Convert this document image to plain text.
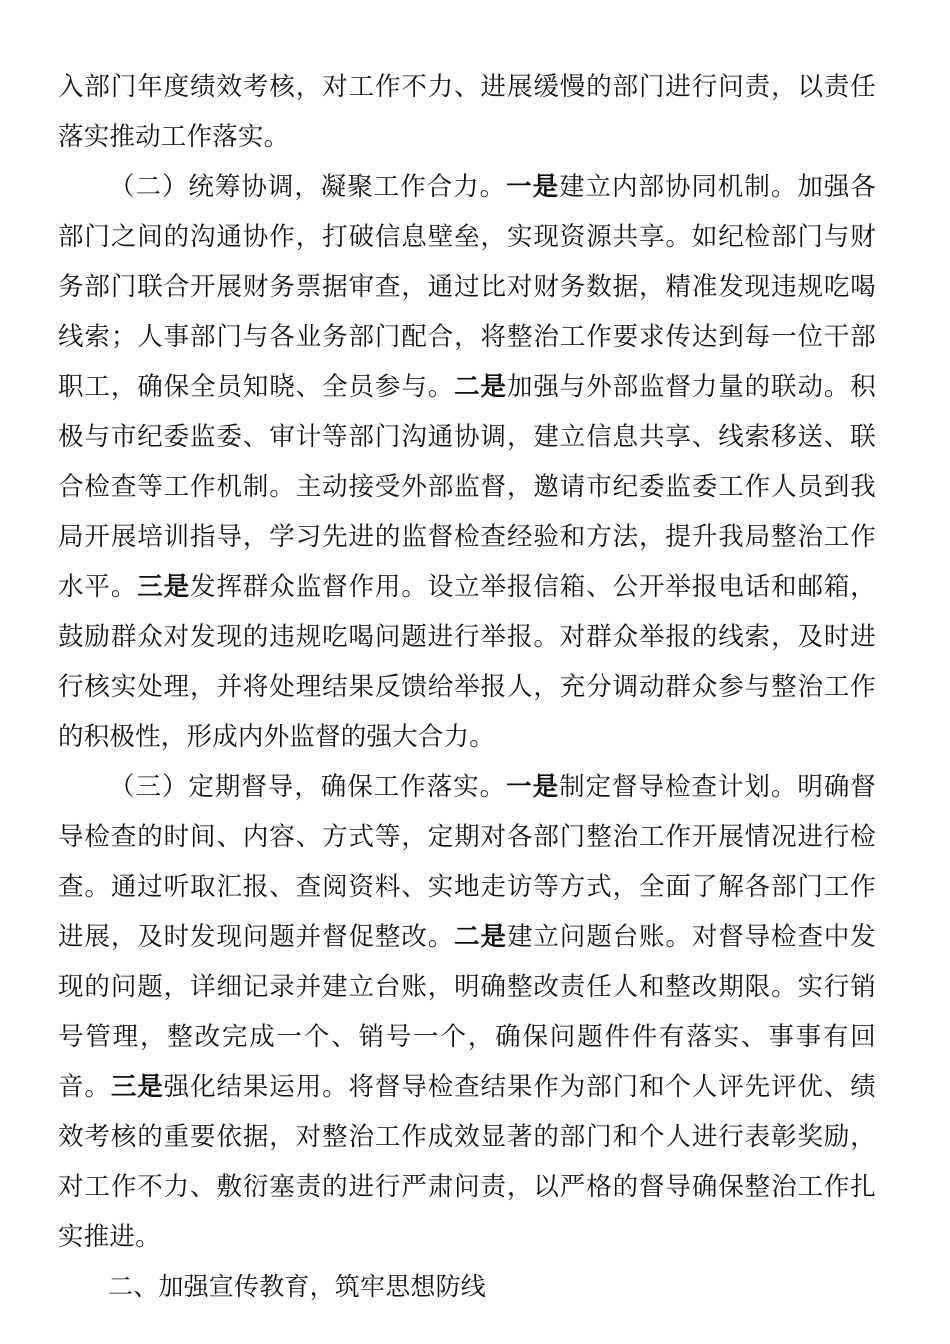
入部门年度绩效考核，对工作不力、进展缓慢的部门进行问责，以责任落实推动工作落实。

（二）统筹协调，凝聚工作合力。一是建立内部协同机制。加强各部门之间的沟通协作，打破信息壁垒，实现资源共享。如纪检部门与财务部门联合开展财务票据审查，通过比对财务数据，精准发现违规吃喝线索；人事部门与各业务部门配合，将整治工作要求传达到每一位干部职工，确保全员知晓、全员参与。二是加强与外部监督力量的联动。积极与市纪委监委、审计等部门沟通协调，建立信息共享、线索移送、联合检查等工作机制。主动接受外部监督，邀请市纪委监委工作人员到我局开展培训指导，学习先进的监督检查经验和方法，提升我局整治工作水平。三是发挥群众监督作用。设立举报信箱、公开举报电话和邮箱，鼓励群众对发现的违规吃喝问题进行举报。对群众举报的线索，及时进行核实处理，并将处理结果反馈给举报人，充分调动群众参与整治工作的积极性，形成内外监督的强大合力。

（三）定期督导，确保工作落实。一是制定督导检查计划。明确督导检查的时间、内容、方式等，定期对各部门整治工作开展情况进行检查。通过听取汇报、查阅资料、实地走访等方式，全面了解各部门工作进展，及时发现问题并督促整改。二是建立问题台账。对督导检查中发现的问题，详细记录并建立台账，明确整改责任人和整改期限。实行销号管理，整改完成一个、销号一个，确保问题件件有落实、事事有回音。三是强化结果运用。将督导检查结果作为部门和个人评先评优、绩效考核的重要依据，对整治工作成效显著的部门和个人进行表彰奖励，对工作不力、敷衍塞责的进行严肃问责，以严格的督导确保整治工作扎实推进。

二、加强宣传教育，筑牢思想防线
